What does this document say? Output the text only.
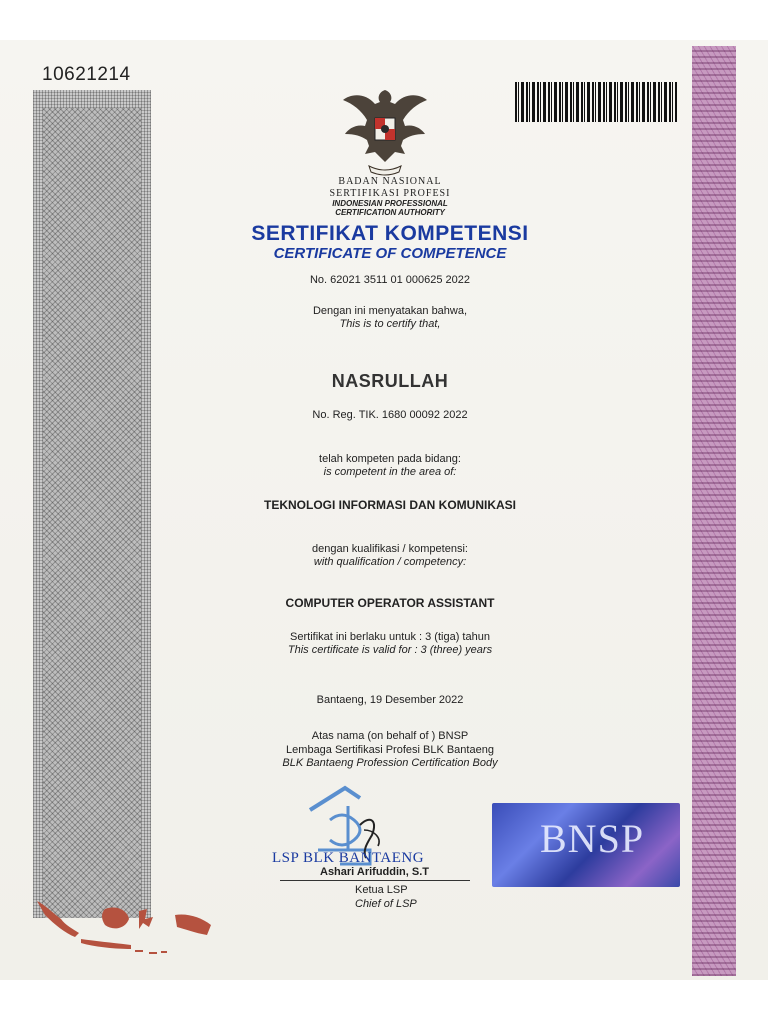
10621214
BADAN NASIONAL
SERTIFIKASI PROFESI
INDONESIAN PROFESSIONAL
CERTIFICATION AUTHORITY
SERTIFIKAT KOMPETENSI
CERTIFICATE OF COMPETENCE
No. 62021 3511 01 000625 2022
Dengan ini menyatakan bahwa,
This is to certify that,
NASRULLAH
No. Reg. TIK. 1680 00092 2022
telah kompeten pada bidang:
is competent in the area of:
TEKNOLOGI INFORMASI DAN KOMUNIKASI
dengan kualifikasi / kompetensi:
with qualification / competency:
COMPUTER OPERATOR ASSISTANT
Sertifikat ini berlaku untuk : 3 (tiga) tahun
This certificate is valid for : 3 (three) years
Bantaeng, 19 Desember 2022
Atas nama (on behalf of ) BNSP
Lembaga Sertifikasi Profesi BLK Bantaeng
BLK Bantaeng Profession Certification Body
LSP BLK BANTAENG
Ashari Arifuddin, S.T
Ketua LSP
Chief of LSP
BNSP
